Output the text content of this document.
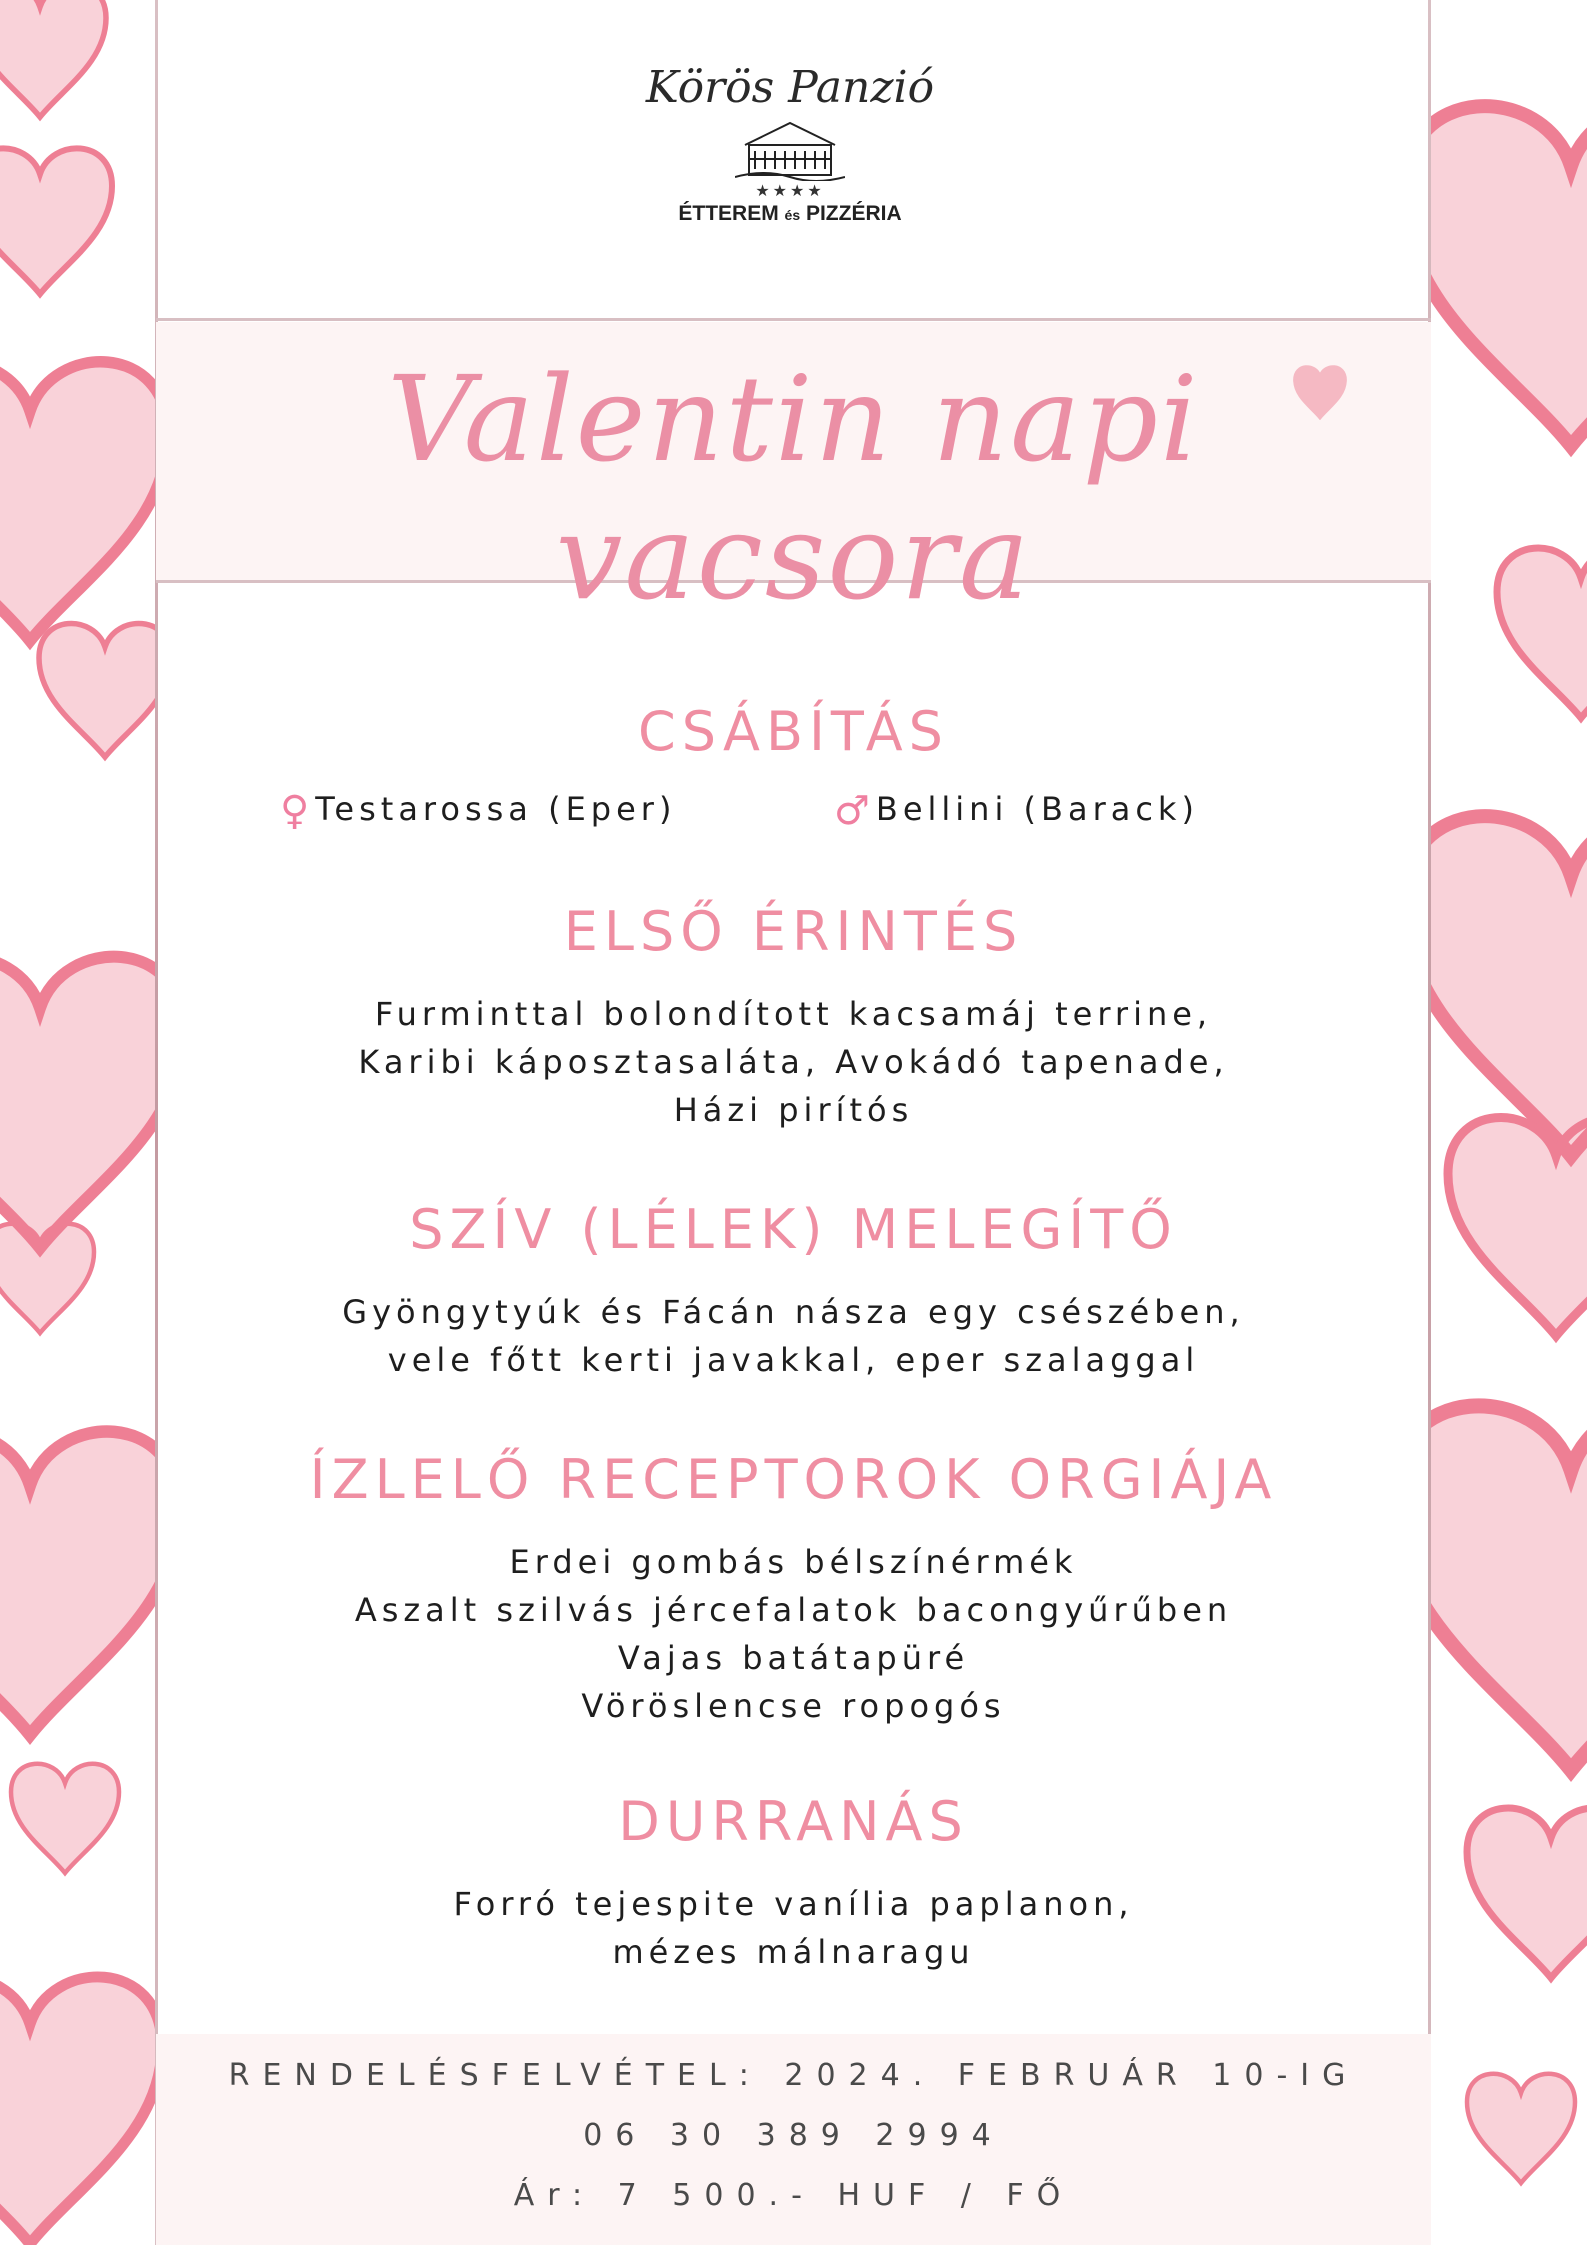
Körös Panzió
★★★★
ÉTTEREM és PIZZÉRIA
Valentin napi vacsora
CSÁBÍTÁS
♀ Testarossa (Eper)	♂ Bellini (Barack)
ELSŐ ÉRINTÉS
Furminttal bolondított kacsamáj terrine,
Karibi káposztasaláta, Avokádó tapenade,
Házi pirítós
SZÍV (LÉLEK) MELEGÍTŐ
Gyöngytyúk és Fácán násza egy csészében,
vele főtt kerti javakkal, eper szalaggal
ÍZLELŐ RECEPTOROK ORGIÁJA
Erdei gombás bélszínérmék
Aszalt szilvás jércefalatok bacongyűrűben
Vajas batátapüré
Vöröslencse ropogós
DURRANÁS
Forró tejespite vanília paplanon,
mézes málnaragu
RENDELÉSFELVÉTEL: 2024. FEBRUÁR 10-IG
06 30 389 2994
Ár: 7 500.- HUF / FŐ
